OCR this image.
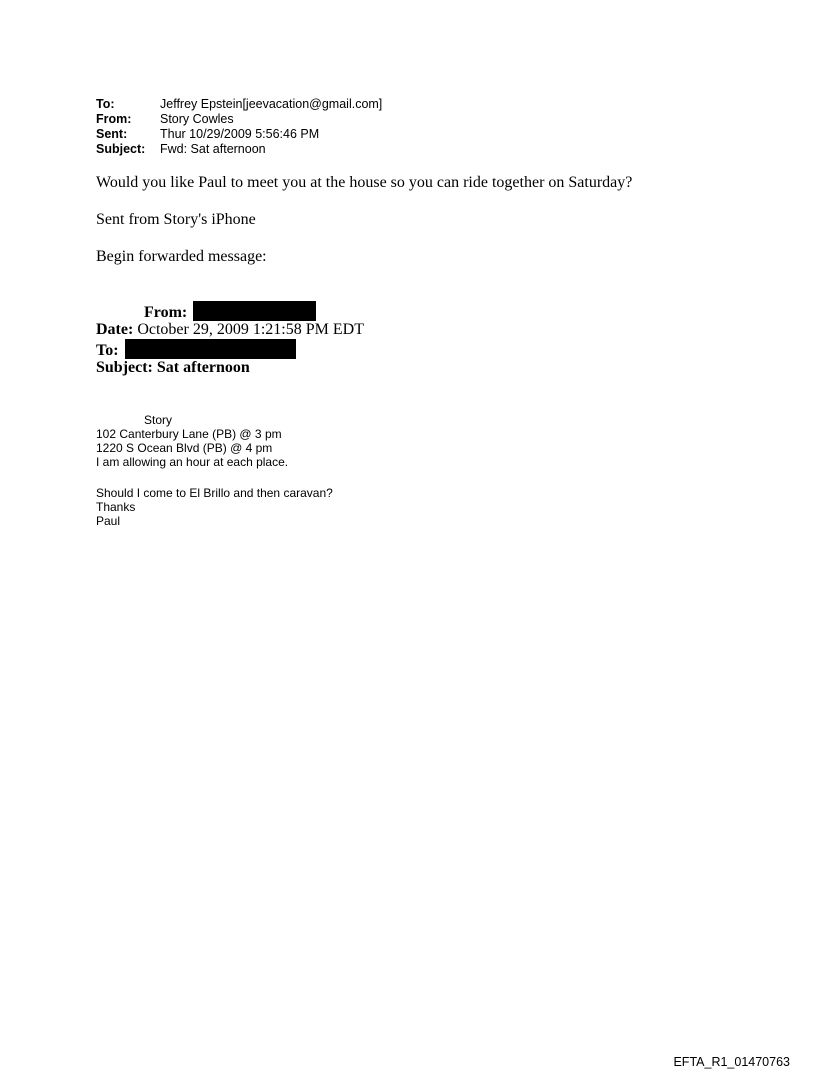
To:	Jeffrey Epstein[jeevacation@gmail.com]
From:	Story Cowles
Sent:	Thur 10/29/2009 5:56:46 PM
Subject:	Fwd: Sat afternoon
Would you like Paul to meet you at the house so you can ride together on Saturday?
Sent from Story's iPhone
Begin forwarded message:
From:
Date: October 29, 2009 1:21:58 PM EDT
To:
Subject: Sat afternoon
Story
102 Canterbury Lane (PB) @ 3 pm
1220 S Ocean Blvd (PB) @ 4 pm
I am allowing an hour at each place.
Should I come to El Brillo and then caravan?
Thanks
Paul
EFTA_R1_01470763
